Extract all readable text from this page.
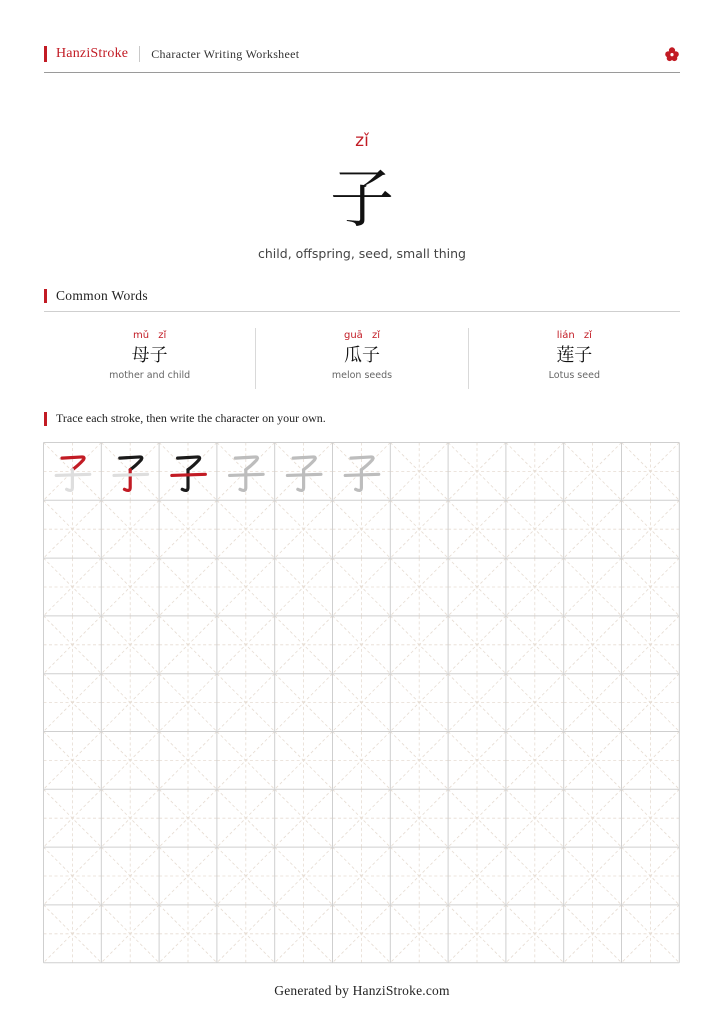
HanziStroke Character Writing Worksheet
zǐ
子
child, offspring, seed, small thing
Common Words
mǔ zǐ
母子
mother and child
guā zǐ
瓜子
melon seeds
lián zǐ
莲子
Lotus seed
Trace each stroke, then write the character on your own.
Generated by HanziStroke.com
